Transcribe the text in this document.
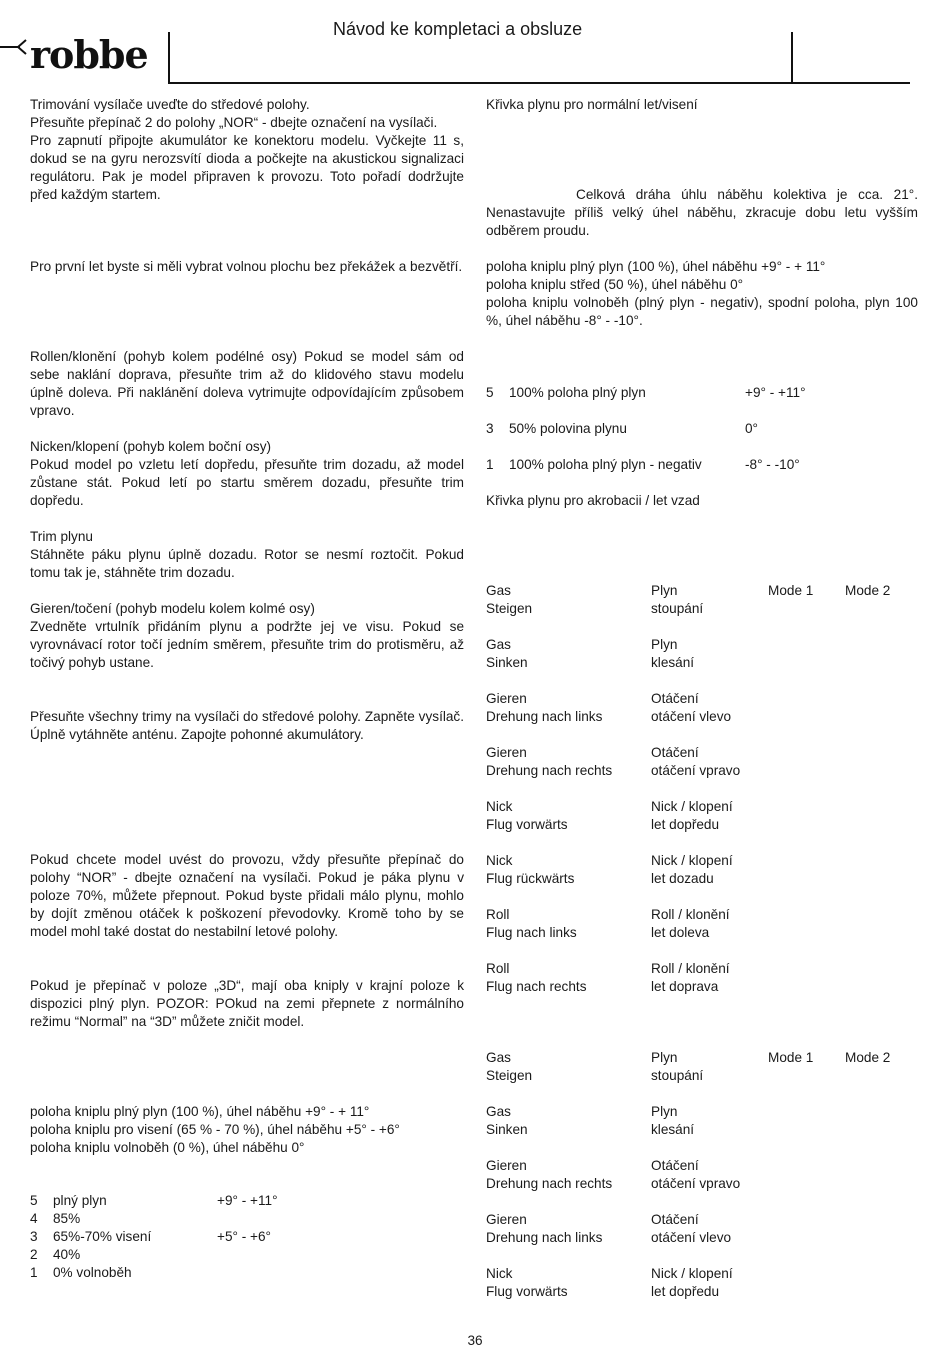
Návod ke kompletaci a obsluze
robbe

Trimování vysílače uveďte do středové polohy.

Přesuňte přepínač 2 do polohy „NOR“ - dbejte označení na vysílači.

Pro zapnutí připojte akumulátor ke konektoru modelu. Vyčkejte 11 s, dokud se na gyru nerozsvítí dioda a počkejte na akustickou signalizaci regulátoru. Pak je model připraven k provozu. Toto pořadí dodržujte před každým startem.

Pro první let byste si měli vybrat volnou plochu bez překážek a bezvětří.

Rollen/klonění (pohyb kolem podélné osy) Pokud se model sám od sebe naklání doprava, přesuňte trim až do klidového stavu modelu úplně doleva. Při naklánění doleva vytrimujte odpovídajícím způsobem vpravo.

Nicken/klopení (pohyb kolem boční osy)

Pokud model po vzletu letí dopředu, přesuňte trim dozadu, až model zůstane stát. Pokud letí po startu směrem dozadu, přesuňte trim dopředu.

Trim plynu

Stáhněte páku plynu úplně dozadu. Rotor se nesmí roztočit. Pokud tomu tak je, stáhněte trim dozadu.

Gieren/točení (pohyb modelu kolem kolmé osy)

Zvedněte vrtulník přidáním plynu a podržte jej ve visu. Pokud se vyrovnávací rotor točí jedním směrem, přesuňte trim do protisměru, až točivý pohyb ustane.

Přesuňte všechny trimy na vysílači do středové polohy. Zapněte vysílač. Úplně vytáhněte anténu. Zapojte pohonné akumulátory.

Pokud chcete model uvést do provozu, vždy přesuňte přepínač do polohy “NOR” - dbejte označení na vysílači. Pokud je páka plynu v poloze 70%, můžete přepnout. Pokud byste přidali málo plynu, mohlo by dojít změnou otáček k poškození převodovky. Kromě toho by se model mohl také dostat do nestabilní letové polohy.

Pokud je přepínač v poloze „3D“, mají oba kniply v krajní poloze k dispozici plný plyn. POZOR: POkud na zemi přepnete z normálního režimu “Normal” na “3D” můžete zničit model.

poloha kniplu plný plyn (100 %), úhel náběhu +9° - + 11°
poloha kniplu pro visení (65 % - 70 %), úhel náběhu +5° - +6°
poloha kniplu volnoběh (0 %), úhel náběhu 0°
5 plný plyn	+9° - +11°
4 85%
3 65%-70% visení	+5° - +6°
2 40%
1 0% volnoběh
Křivka plynu pro normální let/visení

Celková dráha úhlu náběhu kolektiva je cca. 21°. Nenastavujte příliš velký úhel náběhu, zkracuje dobu letu vyšším odběrem proudu.

poloha kniplu plný plyn (100 %), úhel náběhu +9° - + 11°

poloha kniplu střed (50 %), úhel náběhu 0°

poloha kniplu volnoběh (plný plyn - negativ), spodní poloha, plyn 100 %, úhel náběhu -8° - -10°.

5 100% poloha plný plyn	+9° - +11°
3 50% polovina plynu	0°
1 100% poloha plný plyn - negativ	-8° - -10°
Křivka plynu pro akrobacii / let vzad
Gas	Plyn	Mode 1 Mode 2
Steigen	stoupání
Gas	Plyn
Sinken	klesání
Gieren	Otáčení
Drehung nach links	otáčení vlevo
Gieren	Otáčení
Drehung nach rechts	otáčení vpravo
Nick	Nick / klopení
Flug vorwärts	let dopředu
Nick	Nick / klopení
Flug rückwärts	let dozadu
Roll	Roll / klonění
Flug nach links	let doleva
Roll	Roll / klonění
Flug nach rechts	let doprava
Gas	Plyn	Mode 1 Mode 2
Steigen	stoupání
Gas	Plyn
Sinken	klesání
Gieren	Otáčení
Drehung nach rechts	otáčení vpravo
Gieren	Otáčení
Drehung nach links	otáčení vlevo
Nick	Nick / klopení
Flug vorwärts	let dopředu
36
